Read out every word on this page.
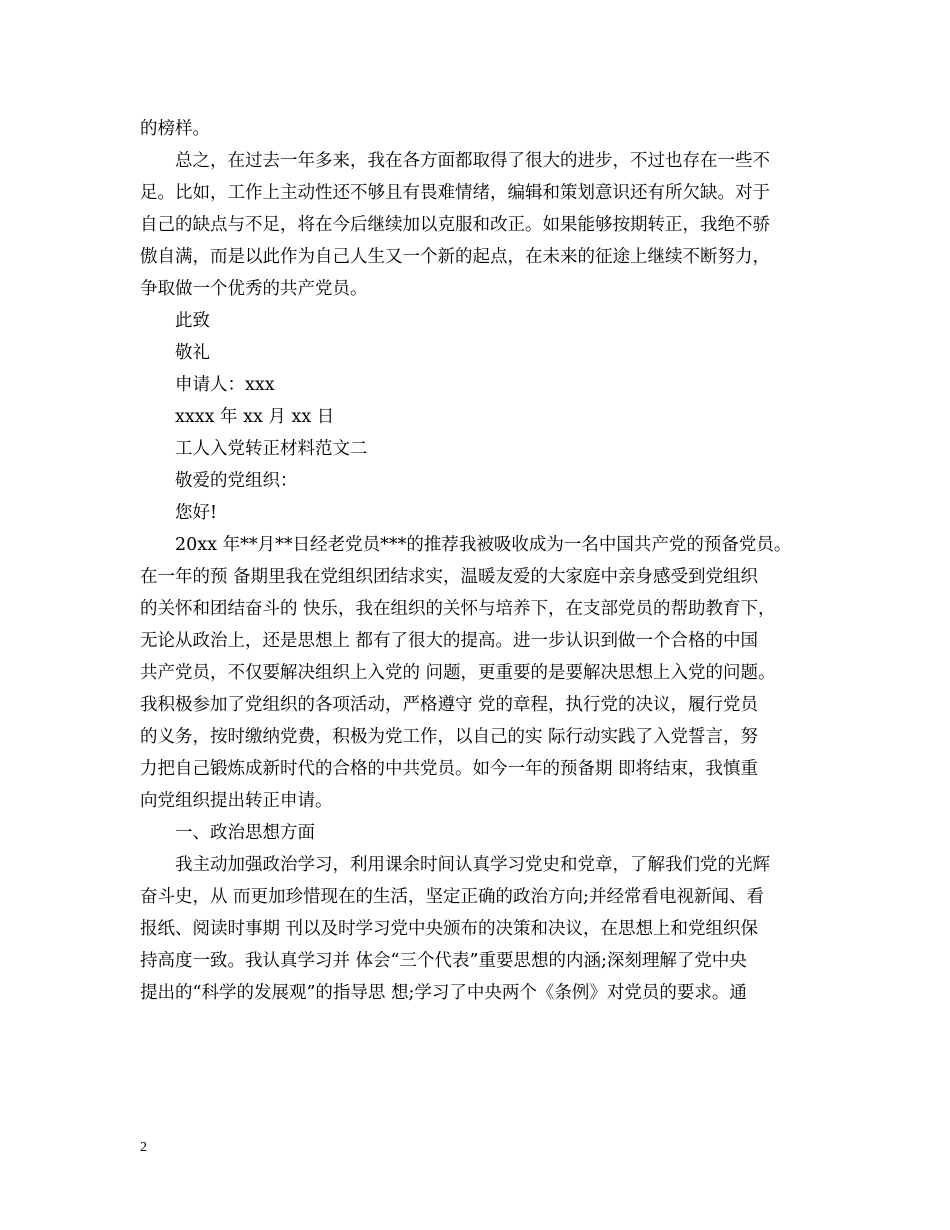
的榜样。
总之，在过去一年多来，我在各方面都取得了很大的进步，不过也存在一些不
足。比如，工作上主动性还不够且有畏难情绪，编辑和策划意识还有所欠缺。对于
自己的缺点与不足，将在今后继续加以克服和改正。如果能够按期转正，我绝不骄
傲自满，而是以此作为自己人生又一个新的起点，在未来的征途上继续不断努力，
争取做一个优秀的共产党员。
此致
敬礼
申请人：xxx
xxxx 年 xx 月 xx 日
工人入党转正材料范文二
敬爱的党组织：
您好!
20xx 年**月**日经老党员***的推荐我被吸收成为一名中国共产党的预备党员。
在一年的预 备期里我在党组织团结求实，温暖友爱的大家庭中亲身感受到党组织
的关怀和团结奋斗的 快乐，我在组织的关怀与培养下，在支部党员的帮助教育下，
无论从政治上，还是思想上 都有了很大的提高。进一步认识到做一个合格的中国
共产党员，不仅要解决组织上入党的 问题，更重要的是要解决思想上入党的问题。
我积极参加了党组织的各项活动，严格遵守 党的章程，执行党的决议，履行党员
的义务，按时缴纳党费，积极为党工作，以自己的实 际行动实践了入党誓言，努
力把自己锻炼成新时代的合格的中共党员。如今一年的预备期 即将结束，我慎重
向党组织提出转正申请。
一、政治思想方面
我主动加强政治学习，利用课余时间认真学习党史和党章，了解我们党的光辉
奋斗史，从 而更加珍惜现在的生活，坚定正确的政治方向;并经常看电视新闻、看
报纸、阅读时事期 刊以及时学习党中央颁布的决策和决议，在思想上和党组织保
持高度一致。我认真学习并 体会“三个代表”重要思想的内涵;深刻理解了党中央
提出的“科学的发展观”的指导思 想;学习了中央两个《条例》对党员的要求。通
2
